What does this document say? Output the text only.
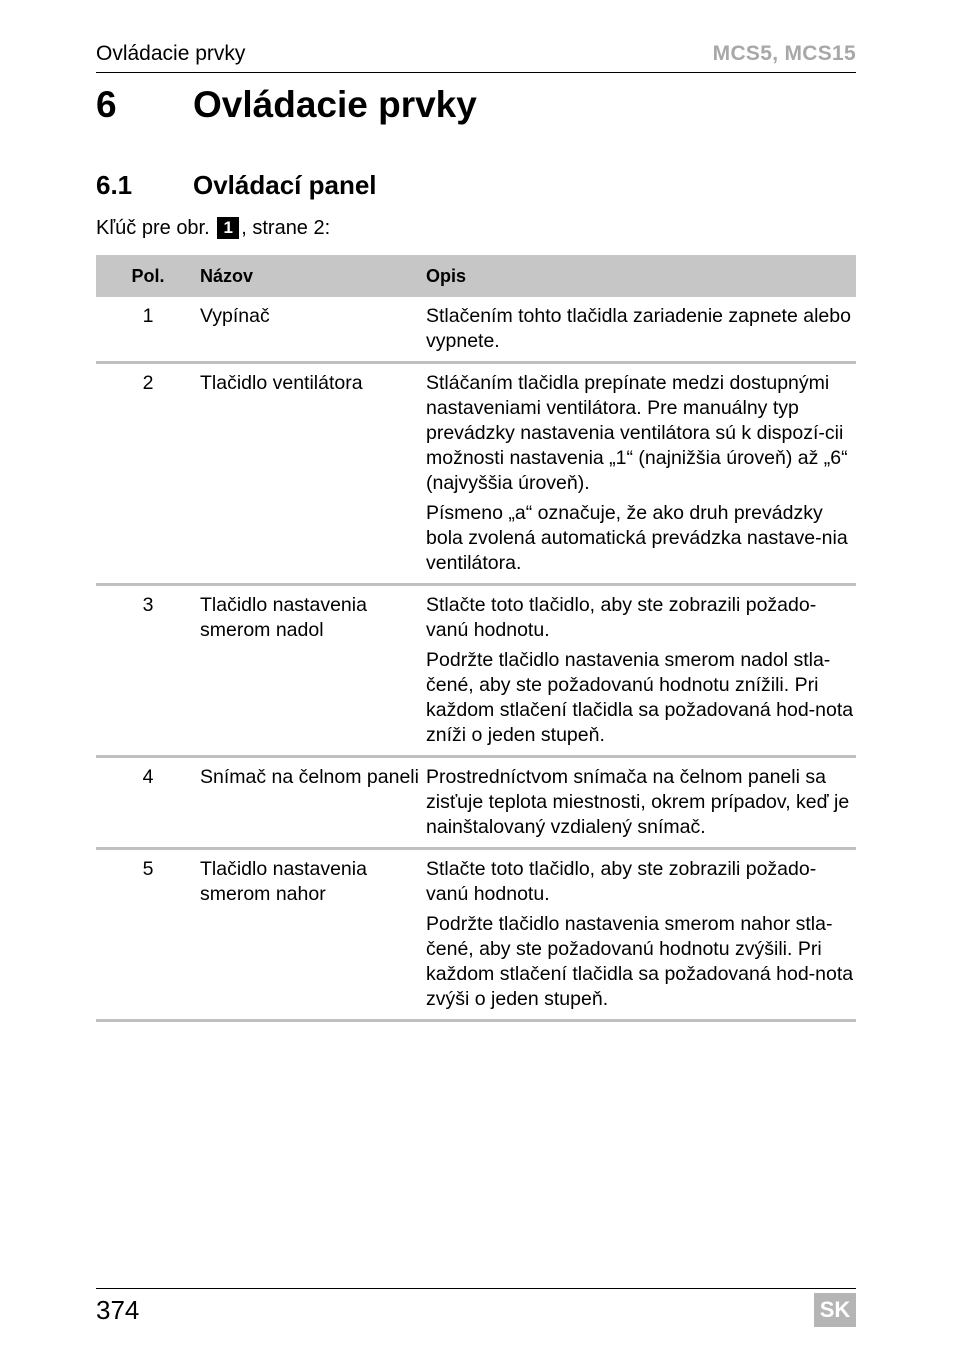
Ovládacie prvky	MCS5, MCS15
6 Ovládacie prvky
6.1 Ovládací panel
Kľúč pre obr. 1 , strane 2:
Pol.	Názov	Opis
1	Vypínač	Stlačením tohto tlačidla zariadenie zapnete alebo vypnete.

2	Tlačidlo ventilátora	Stláčaním tlačidla prepínate medzi dostupnými nastaveniami ventilátora. Pre manuálny typ prevádzky nastavenia ventilátora sú k dispozí-cii možnosti nastavenia „1“ (najnižšia úroveň) až „6“ (najvyššia úroveň).

Písmeno „a“ označuje, že ako druh prevádzky bola zvolená automatická prevádzka nastave-nia ventilátora.

3	Tlačidlo nastavenia smerom nadol	Stlačte toto tlačidlo, aby ste zobrazili požado-vanú hodnotu.

Podržte tlačidlo nastavenia smerom nadol stla-čené, aby ste požadovanú hodnotu znížili. Pri každom stlačení tlačidla sa požadovaná hod-nota zníži o jeden stupeň.

4	Snímač na čelnom paneli	Prostredníctvom snímača na čelnom paneli sa zisťuje teplota miestnosti, okrem prípadov, keď je nainštalovaný vzdialený snímač.

5	Tlačidlo nastavenia smerom nahor	Stlačte toto tlačidlo, aby ste zobrazili požado-vanú hodnotu.

Podržte tlačidlo nastavenia smerom nahor stla-čené, aby ste požadovanú hodnotu zvýšili. Pri každom stlačení tlačidla sa požadovaná hod-nota zvýši o jeden stupeň.

374	SK
